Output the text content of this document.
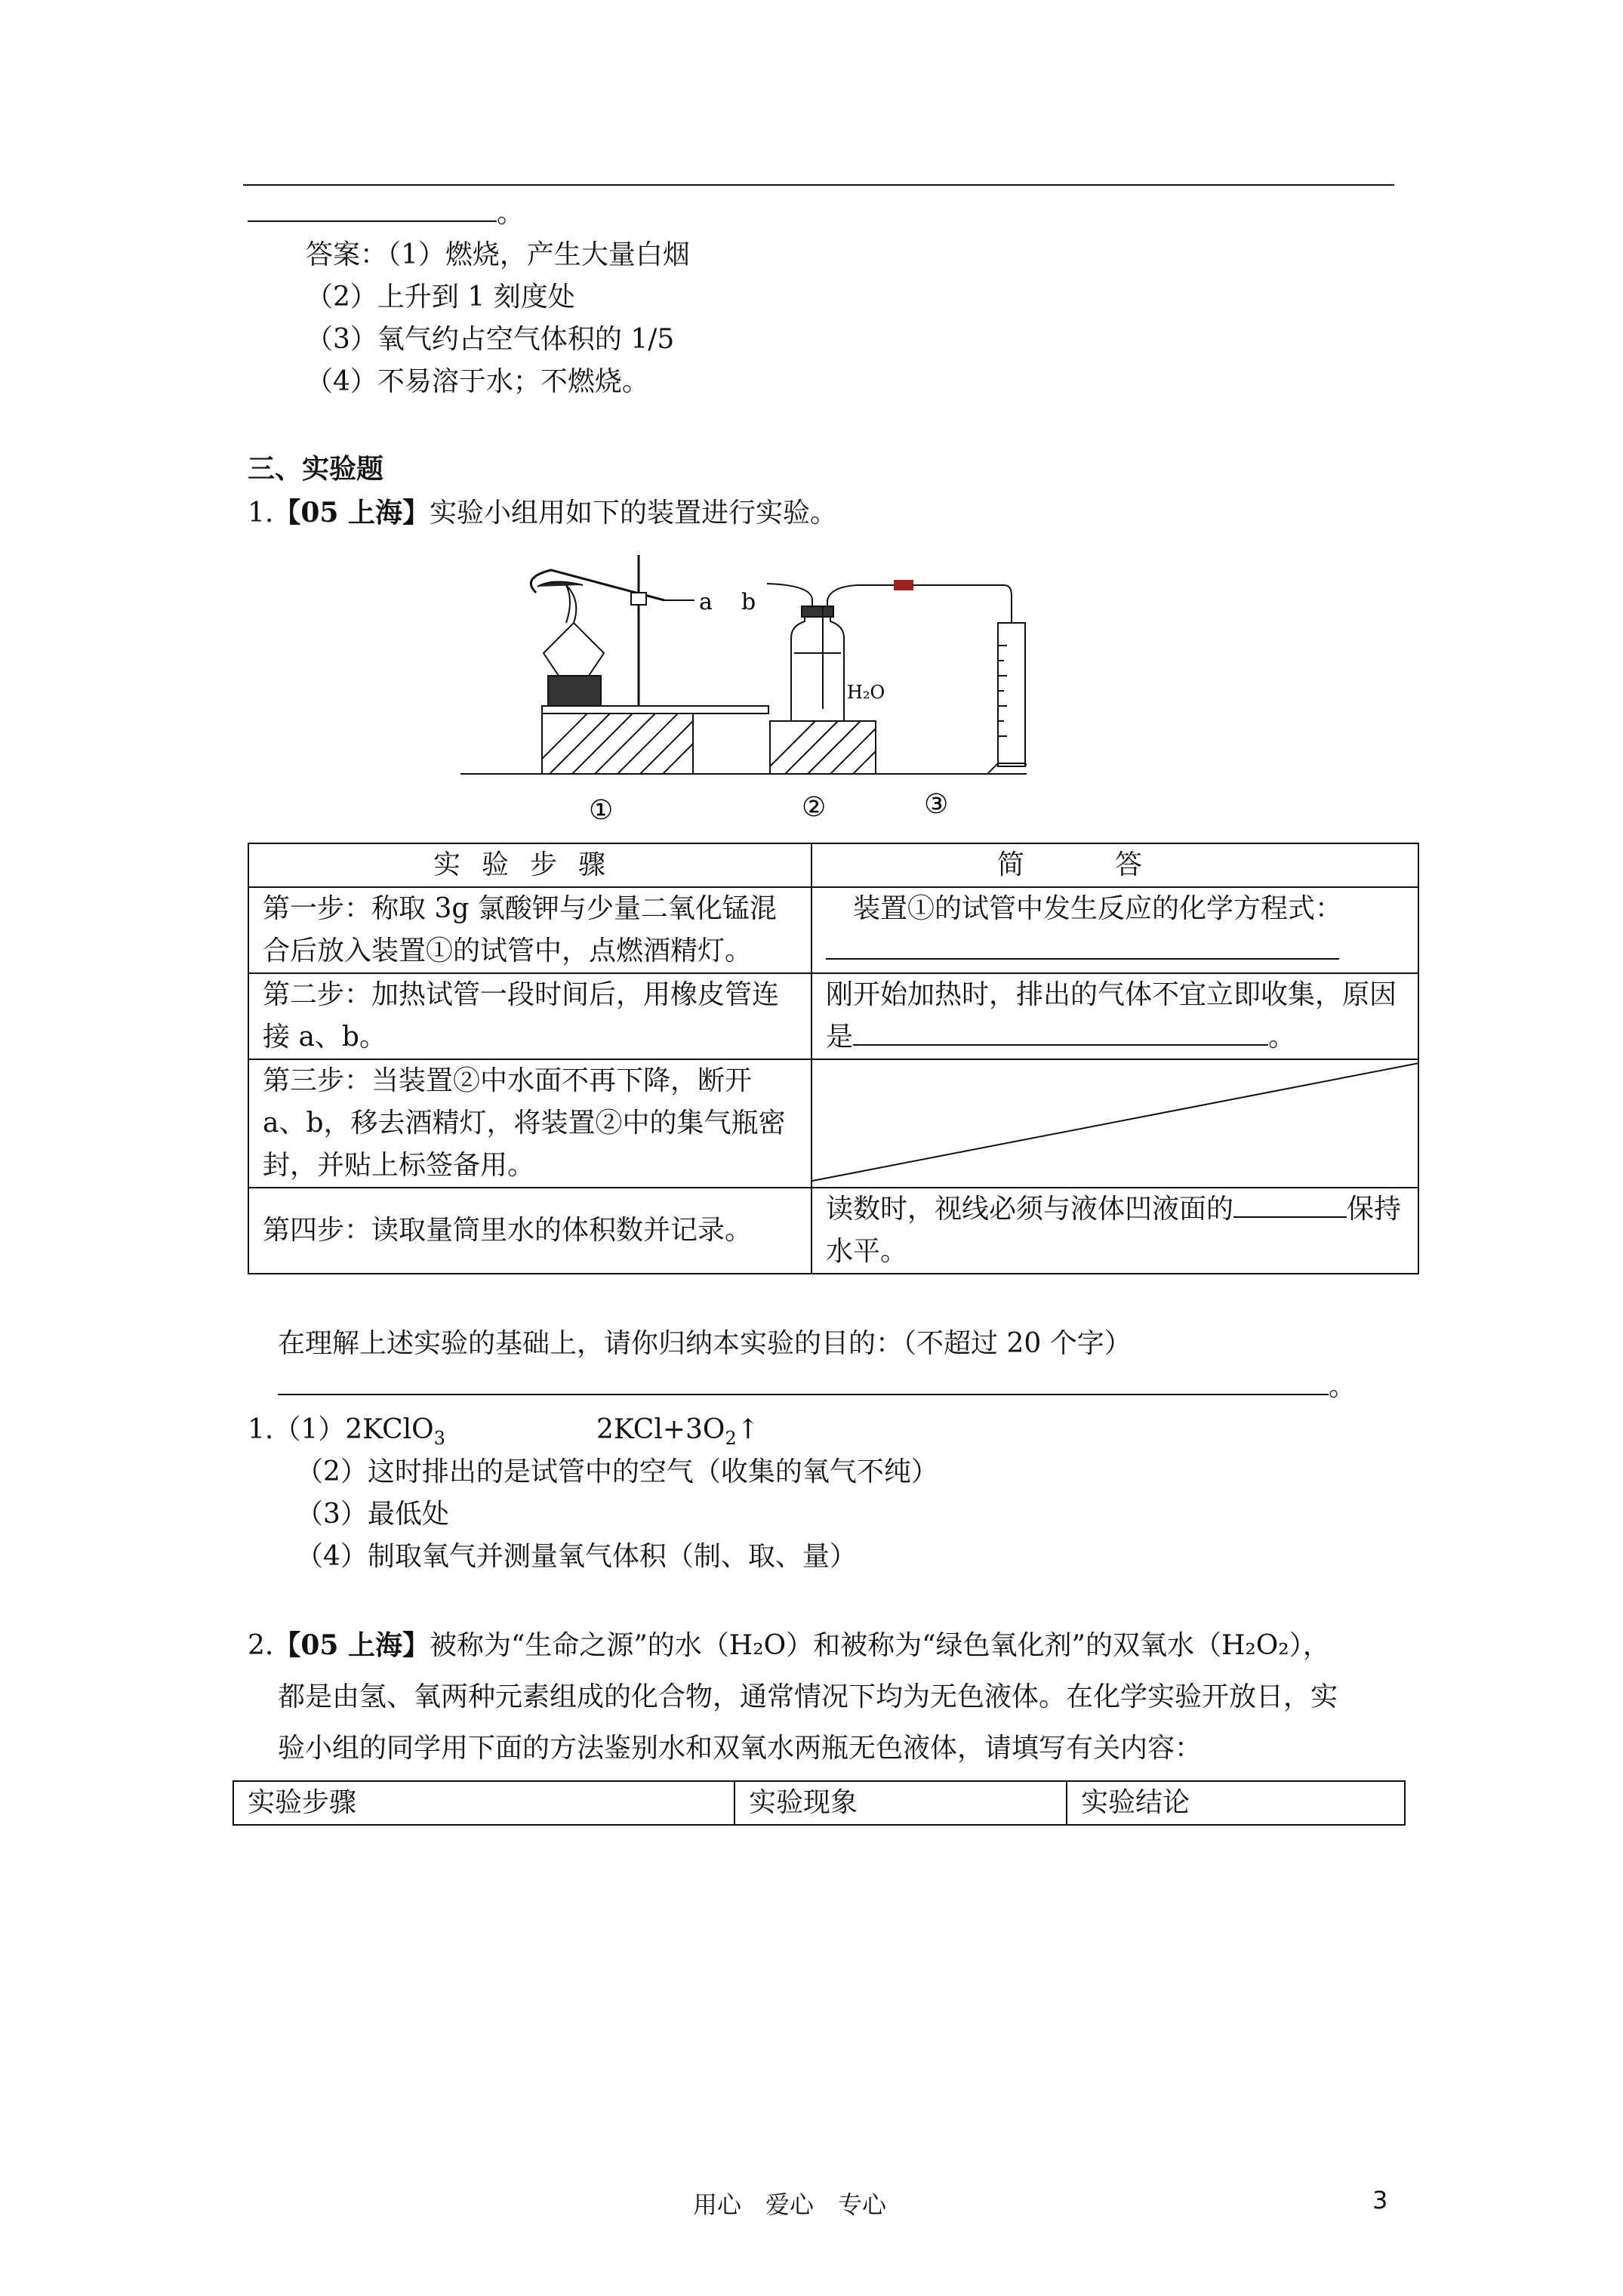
。
答案：（1）燃烧，产生大量白烟
（2）上升到 1 刻度处
（3）氧气约占空气体积的 1/5
（4）不易溶于水；不燃烧。
三、实验题
1.【05 上海】实验小组用如下的装置进行实验。
a b
H₂O
①	②	③
实验步骤	简答
第一步：称取 3g 氯酸钾与少量二氧化锰混合后放入装置①的试管中，点燃酒精灯。	装置①的试管中发生反应的化学方程式：

第二步：加热试管一段时间后，用橡皮管连接 a、b。	刚开始加热时，排出的气体不宜立即收集，原因是 。
第三步：当装置②中水面不再下降，断开 a、b，移去酒精灯，将装置②中的集气瓶密封，并贴上标签备用。	

第四步：读取量筒里水的体积数并记录。	读数时，视线必须与液体凹液面的 保持水平。
在理解上述实验的基础上，请你归纳本实验的目的：（不超过 20 个字）
。
1.（1）2KClO$_3$	$2KCl+3O_2↑$
（2）这时排出的是试管中的空气（收集的氧气不纯）
（3）最低处
（4）制取氧气并测量氧气体积（制、取、量）
2.【05 上海】被称为“生命之源”的水（H₂O）和被称为“绿色氧化剂”的双氧水（H₂O₂），
都是由氢、氧两种元素组成的化合物，通常情况下均为无色液体。在化学实验开放日，实
验小组的同学用下面的方法鉴别水和双氧水两瓶无色液体，请填写有关内容：
实验步骤	实验现象	实验结论
用心　爱心　专心	3
